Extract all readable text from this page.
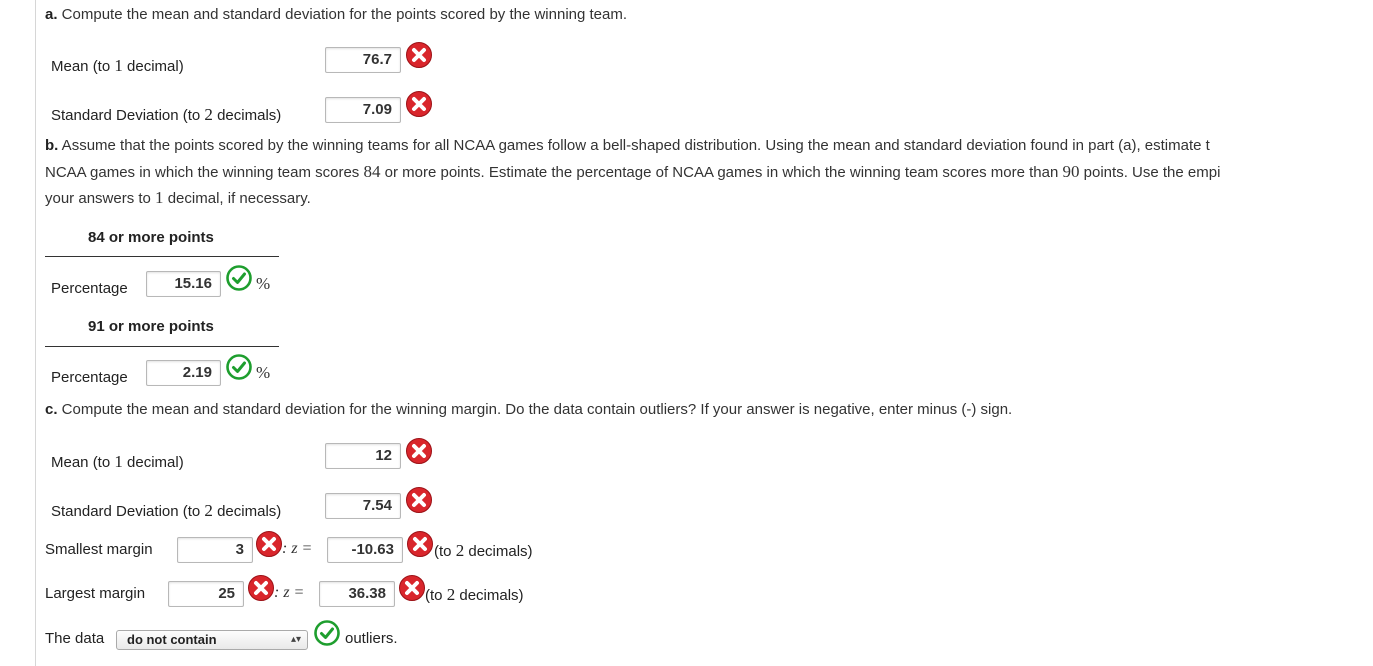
a. Compute the mean and standard deviation for the points scored by the winning team.
Mean (to 1 decimal)	76.7
Standard Deviation (to 2 decimals)	7.09
b. Assume that the points scored by the winning teams for all NCAA games follow a bell-shaped distribution. Using the mean and standard deviation found in part (a), estimate t
NCAA games in which the winning team scores 84 or more points. Estimate the percentage of NCAA games in which the winning team scores more than 90 points. Use the empi
your answers to 1 decimal, if necessary.
84 or more points
Percentage	15.16	%
91 or more points
Percentage	2.19	%
c. Compute the mean and standard deviation for the winning margin. Do the data contain outliers? If your answer is negative, enter minus (-) sign.
Mean (to 1 decimal)	12
Standard Deviation (to 2 decimals)	7.54
Smallest margin	3	: z =	-10.63	(to 2 decimals)
Largest margin	25	: z =	36.38	(to 2 decimals)
The data	do not contain	▴▾	outliers.
